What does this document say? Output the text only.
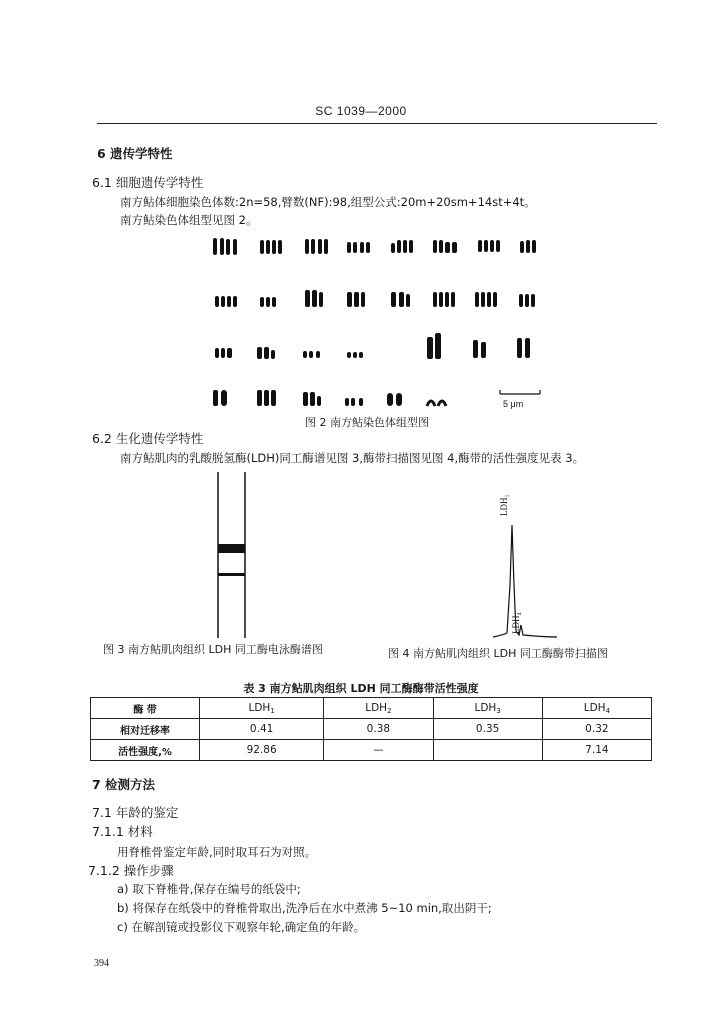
SC 1039—2000
6 遗传学特性
6.1 细胞遗传学特性
南方鲇体细胞染色体数:2n=58,臂数(NF):98,组型公式:20m+20sm+14st+4t。
南方鲇染色体组型见图 2。
5 μm
图 2 南方鲇染色体组型图
6.2 生化遗传学特性
南方鲇肌肉的乳酸脱氢酶(LDH)同工酶谱见图 3,酶带扫描图见图 4,酶带的活性强度见表 3。
LDH₁
LDH₄
图 3 南方鲇肌肉组织 LDH 同工酶电泳酶谱图	图 4 南方鲇肌肉组织 LDH 同工酶酶带扫描图
表 3 南方鲇肌肉组织 LDH 同工酶酶带活性强度
酶 带	$LDH_1$	$LDH_2$	$LDH_3$	$LDH_4$
相对迁移率	0.41	0.38	0.35	0.32
活性强度,%	92.86	—		7.14
7 检测方法
7.1 年龄的鉴定
7.1.1 材料
用脊椎骨鉴定年龄,同时取耳石为对照。
7.1.2 操作步骤
a) 取下脊椎骨,保存在编号的纸袋中;
b) 将保存在纸袋中的脊椎骨取出,洗净后在水中煮沸 5~10 min,取出阴干;
c) 在解剖镜或投影仪下观察年轮,确定鱼的年龄。
394
